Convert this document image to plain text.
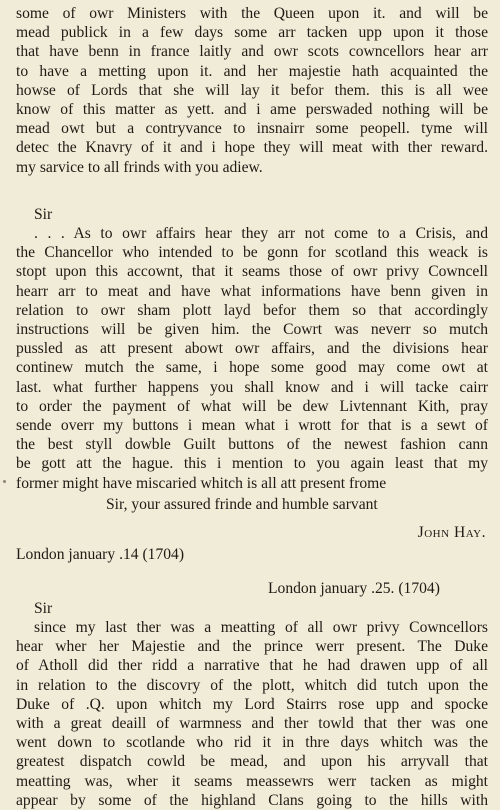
some of owr Ministers with the Queen upon it. and will be
mead publick in a few days some arr tacken upp upon it those
that have benn in france laitly and owr scots cowncellors hear arr
to have a metting upon it. and her majestie hath acquainted the
howse of Lords that she will lay it befor them. this is all wee
know of this matter as yett. and i ame perswaded nothing will be
mead owt but a contryvance to insnairr some peopell. tyme will
detec the Knavry of it and i hope they will meat with ther reward.
my sarvice to all frinds with you adiew.
Sir
. . . As to owr affairs hear they arr not come to a Crisis, and
the Chancellor who intended to be gonn for scotland this weack is
stopt upon this accownt, that it seams those of owr privy Cowncell
hearr arr to meat and have what informations have benn given in
relation to owr sham plott layd befor them so that accordingly
instructions will be given him. the Cowrt was neverr so mutch
pussled as att present abowt owr affairs, and the divisions hear
continew mutch the same, i hope some good may come owt at
last. what further happens you shall know and i will tacke cairr
to order the payment of what will be dew Livtennant Kith, pray
sende overr my buttons i mean what i wrott for that is a sewt of
the best styll dowble Guilt buttons of the newest fashion cann
be gott att the hague. this i mention to you again least that my
former might have miscaried whitch is all att present frome
Sir, your assured frinde and humble sarvant
John Hay.
London january .14 (1704)
London january .25. (1704)
Sir
since my last ther was a meatting of all owr privy Cowncellors
hear wher her Majestie and the prince werr present. The Duke
of Atholl did ther ridd a narrative that he had drawen upp of all
in relation to the discovry of the plott, whitch did tutch upon the
Duke of .Q. upon whitch my Lord Stairrs rose upp and spocke
with a great deaill of warmness and ther towld that ther was one
went down to scotlande who rid it in thre days whitch was the
greatest dispatch cowld be mead, and upon his arryvall that
meatting was, wher it seams meassewrs werr tacken as might
appear by some of the highland Clans going to the hills with
